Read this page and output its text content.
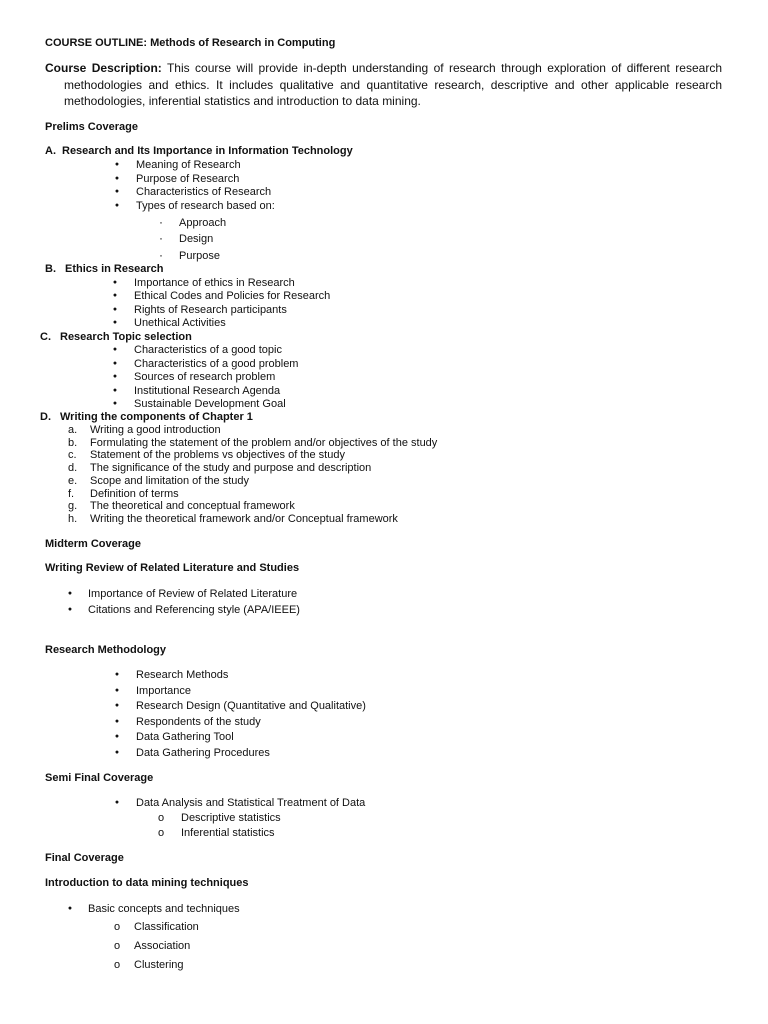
COURSE OUTLINE: Methods of Research in Computing
Course Description: This course will provide in-depth understanding of research through exploration of different research methodologies and ethics. It includes qualitative and quantitative research, descriptive and other applicable research methodologies, inferential statistics and introduction to data mining.
Prelims Coverage
A. Research and Its Importance in Information Technology
● Meaning of Research
● Purpose of Research
● Characteristics of Research
● Types of research based on:
· Approach
· Design
· Purpose
B. Ethics in Research
● Importance of ethics in Research
● Ethical Codes and Policies for Research
● Rights of Research participants
● Unethical Activities
C. Research Topic selection
● Characteristics of a good topic
● Characteristics of a good problem
● Sources of research problem
● Institutional Research Agenda
● Sustainable Development Goal
D. Writing the components of Chapter 1
a. Writing a good introduction
b. Formulating the statement of the problem and/or objectives of the study
c. Statement of the problems vs objectives of the study
d. The significance of the study and purpose and description
e. Scope and limitation of the study
f. Definition of terms
g. The theoretical and conceptual framework
h. Writing the theoretical framework and/or Conceptual framework
Midterm Coverage
Writing Review of Related Literature and Studies
● Importance of Review of Related Literature
● Citations and Referencing style (APA/IEEE)
Research Methodology
● Research Methods
● Importance
● Research Design (Quantitative and Qualitative)
● Respondents of the study
● Data Gathering Tool
● Data Gathering Procedures
Semi Final Coverage
● Data Analysis and Statistical Treatment of Data
o Descriptive statistics
o Inferential statistics
Final Coverage
Introduction to data mining techniques
● Basic concepts and techniques
o Classification
o Association
o Clustering
